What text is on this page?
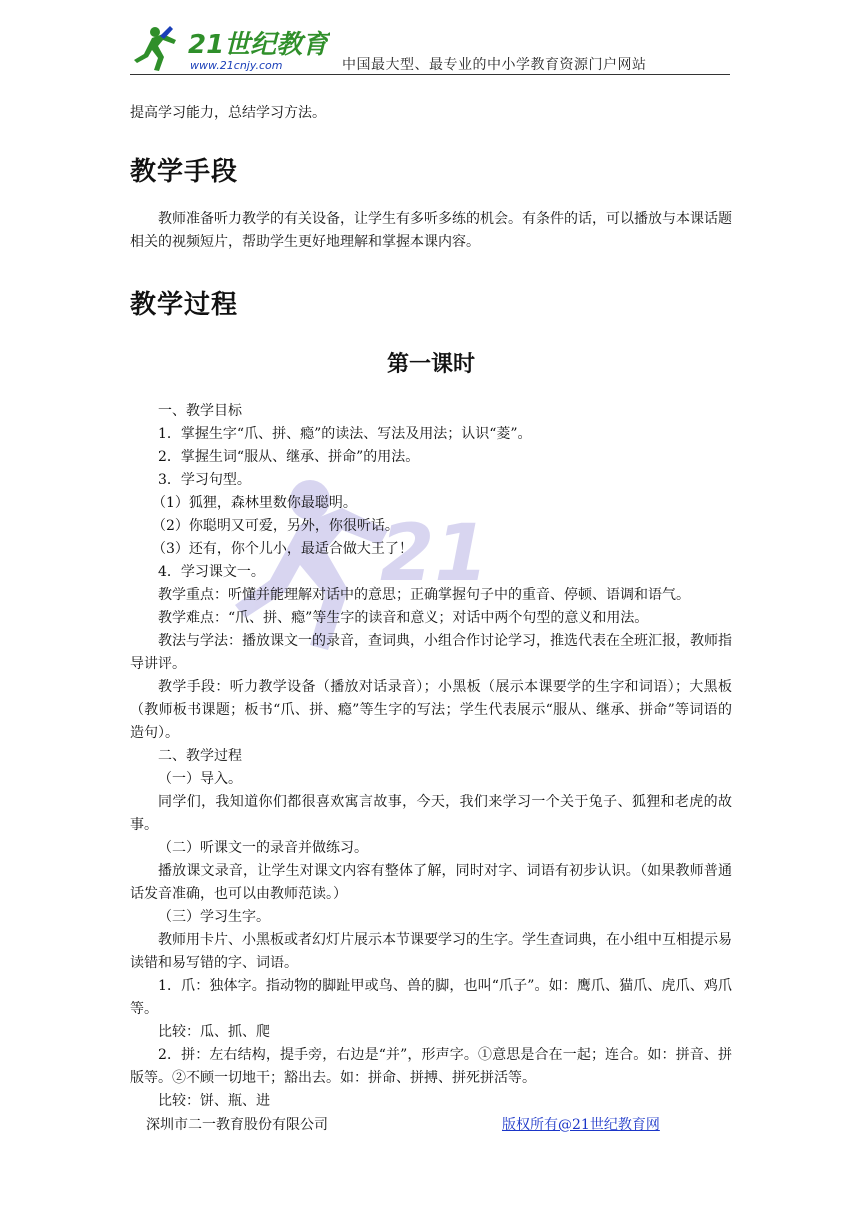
21世纪教育
www.21cnjy.com	中国最大型、最专业的中小学教育资源门户网站
21

提高学习能力，总结学习方法。

教学手段

教师准备听力教学的有关设备，让学生有多听多练的机会。有条件的话，可以播放与本课话题相关的视频短片，帮助学生更好地理解和掌握本课内容。

教学过程
第一课时

一、教学目标

1．掌握生字“爪、拼、瘾”的读法、写法及用法；认识“菱”。

2．掌握生词“服从、继承、拼命”的用法。

3．学习句型。

（1）狐狸，森林里数你最聪明。

（2）你聪明又可爱，另外，你很听话。

（3）还有，你个儿小，最适合做大王了！

4．学习课文一。

教学重点：听懂并能理解对话中的意思；正确掌握句子中的重音、停顿、语调和语气。

教学难点：“爪、拼、瘾”等生字的读音和意义；对话中两个句型的意义和用法。

教法与学法：播放课文一的录音，查词典，小组合作讨论学习，推选代表在全班汇报，教师指导讲评。

教学手段：听力教学设备（播放对话录音）；小黑板（展示本课要学的生字和词语）；大黑板（教师板书课题；板书“爪、拼、瘾”等生字的写法；学生代表展示“服从、继承、拼命”等词语的造句）。

二、教学过程

（一）导入。

同学们，我知道你们都很喜欢寓言故事，今天，我们来学习一个关于兔子、狐狸和老虎的故事。

（二）听课文一的录音并做练习。

播放课文录音，让学生对课文内容有整体了解，同时对字、词语有初步认识。（如果教师普通话发音准确，也可以由教师范读。）

（三）学习生字。

教师用卡片、小黑板或者幻灯片展示本节课要学习的生字。学生查词典，在小组中互相提示易读错和易写错的字、词语。

1．爪：独体字。指动物的脚趾甲或鸟、兽的脚，也叫“爪子”。如：鹰爪、猫爪、虎爪、鸡爪等。

比较：瓜、抓、爬

2．拼：左右结构，提手旁，右边是“并”，形声字。①意思是合在一起；连合。如：拼音、拼版等。②不顾一切地干；豁出去。如：拼命、拼搏、拼死拼活等。

比较：饼、瓶、进

深圳市二一教育股份有限公司	版权所有@21世纪教育网
